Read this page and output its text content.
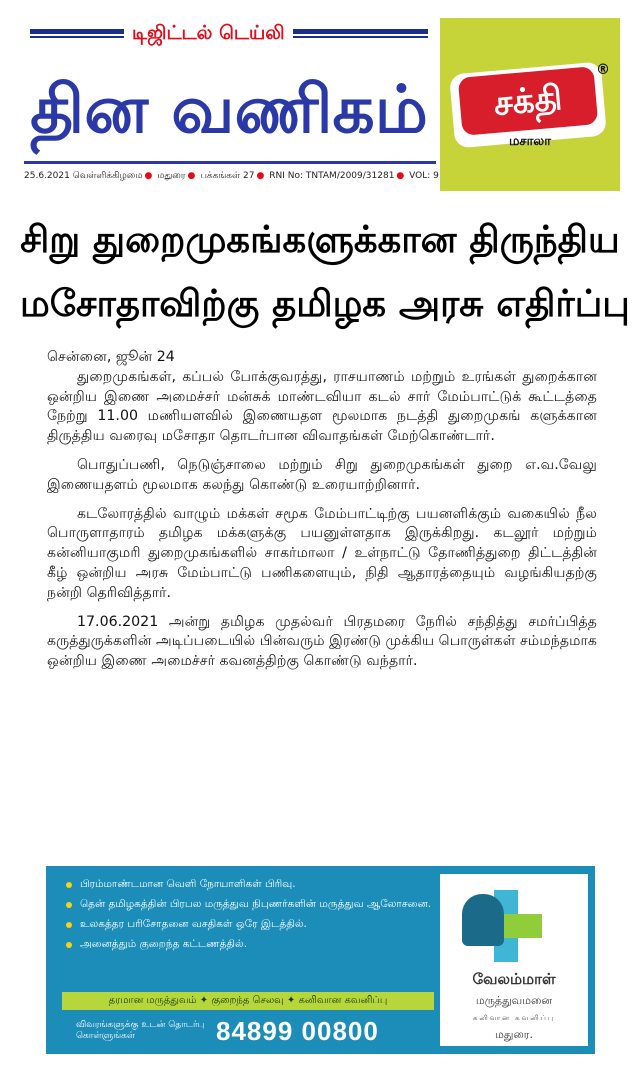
டிஜிட்டல் டெய்லி
தின வணிகம்
25.6.2021 வெள்ளிக்கிழமை ● மதுரை ● பக்கங்கள் 27 ● RNI No: TNTAM/2009/31281 ● VOL: 9
சக்தி
®
மசாலா
சிறு துறைமுகங்களுக்கான திருந்திய
மசோதாவிற்கு தமிழக அரசு எதிர்ப்பு
சென்னை, ஜூன் 24

துறைமுகங்கள், கப்பல் போக்குவரத்து, ராசயாணம் மற்றும் உரங்கள் துறைக்கான ஒன்றிய இணை அமைச்சர் மன்சுக் மாண்டவியா கடல் சார் மேம்பாட்டுக் கூட்டத்தை நேற்று 11.00 மணியளவில் இணையதள மூலமாக நடத்தி துறைமுகங் களுக்கான திருத்திய வரைவு மசோதா தொடர்பான விவாதங்கள் மேற்கொண்டார்.

பொதுப்பணி, நெடுஞ்சாலை மற்றும் சிறு துறைமுகங்கள் துறை எ.வ.வேலு இணையதளம் மூலமாக கலந்து கொண்டு உரையாற்றினார்.

கடலோரத்தில் வாழும் மக்கள் சமூக மேம்பாட்டிற்கு பயனளிக்கும் வகையில் நீல பொருளாதாரம் தமிழக மக்களுக்கு பயனுள்ளதாக இருக்கிறது. கடலூர் மற்றும் கன்னியாகுமரி துறைமுகங்களில் சாகர்மாலா / உள்நாட்டு தோணித்துறை திட்டத்தின் கீழ் ஒன்றிய அரசு மேம்பாட்டு பணிகளையும், நிதி ஆதாரத்தையும் வழங்கியதற்கு நன்றி தெரிவித்தார்.

17.06.2021 அன்று தமிழக முதல்வர் பிரதமரை நேரில் சந்தித்து சமர்ப்பித்த கருத்துருக்களின் அடிப்படையில் பின்வரும் இரண்டு முக்கிய பொருள்கள் சம்மந்தமாக ஒன்றிய இணை அமைச்சர் கவனத்திற்கு கொண்டு வந்தார்.

பிரம்மாண்டமான வெளி நோயாளிகள் பிரிவு.
தென் தமிழகத்தின் பிரபல மருத்துவ நிபுணர்களின் மருத்துவ ஆலோசனை.
உலகத்தர பரிசோதனை வசதிகள் ஒரே இடத்தில்.
அனைத்தும் குறைந்த கட்டணத்தில்.
தரமான மருத்துவம் ✦ குறைந்த செலவு ✦ கனிவான கவனிப்பு
விவரங்களுக்கு உடன் தொடர்பு கொள்ளுங்கள்	84899 00800
வேலம்மாள்
மருத்துவமனை
கனிவான கவனிப்பு
மதுரை.
